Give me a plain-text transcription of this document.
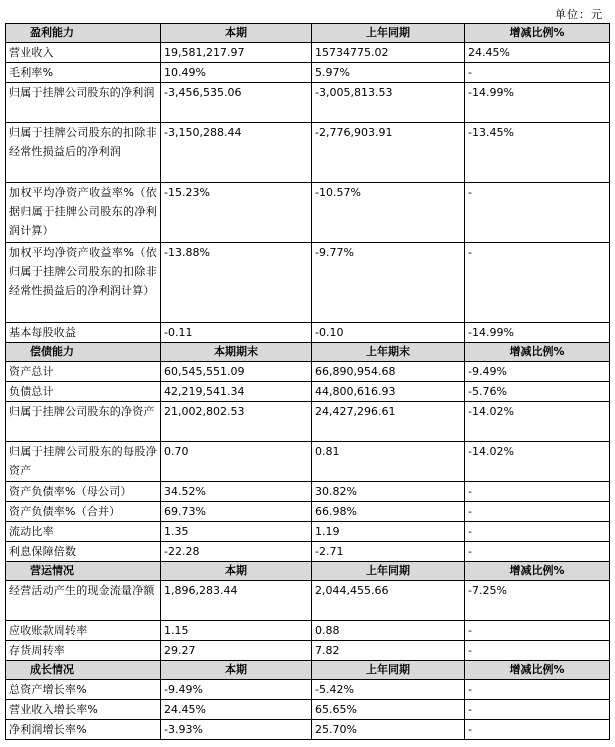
单位：元
盈利能力	本期	上年同期	增减比例%
营业收入	19,581,217.97	15734775.02	24.45%
毛利率%	10.49%	5.97%	-
归属于挂牌公司股东的净利润	-3,456,535.06	-3,005,813.53	-14.99%
归属于挂牌公司股东的扣除非经常性损益后的净利润	-3,150,288.44	-2,776,903.91	-13.45%
加权平均净资产收益率%（依据归属于挂牌公司股东的净利润计算）	-15.23%	-10.57%	-
加权平均净资产收益率%（依归属于挂牌公司股东的扣除非经常性损益后的净利润计算）	-13.88%	-9.77%	-
基本每股收益	-0.11	-0.10	-14.99%
偿债能力	本期期末	上年期末	增减比例%
资产总计	60,545,551.09	66,890,954.68	-9.49%
负债总计	42,219,541.34	44,800,616.93	-5.76%
归属于挂牌公司股东的净资产	21,002,802.53	24,427,296.61	-14.02%
归属于挂牌公司股东的每股净资产	0.70	0.81	-14.02%
资产负债率%（母公司）	34.52%	30.82%	-
资产负债率%（合并）	69.73%	66.98%	-
流动比率	1.35	1.19	-
利息保障倍数	-22.28	-2.71	-
营运情况	本期	上年同期	增减比例%
经营活动产生的现金流量净额	1,896,283.44	2,044,455.66	-7.25%
应收账款周转率	1.15	0.88	-
存货周转率	29.27	7.82	-
成长情况	本期	上年同期	增减比例%
总资产增长率%	-9.49%	-5.42%	-
营业收入增长率%	24.45%	65.65%	-
净利润增长率%	-3.93%	25.70%	-
